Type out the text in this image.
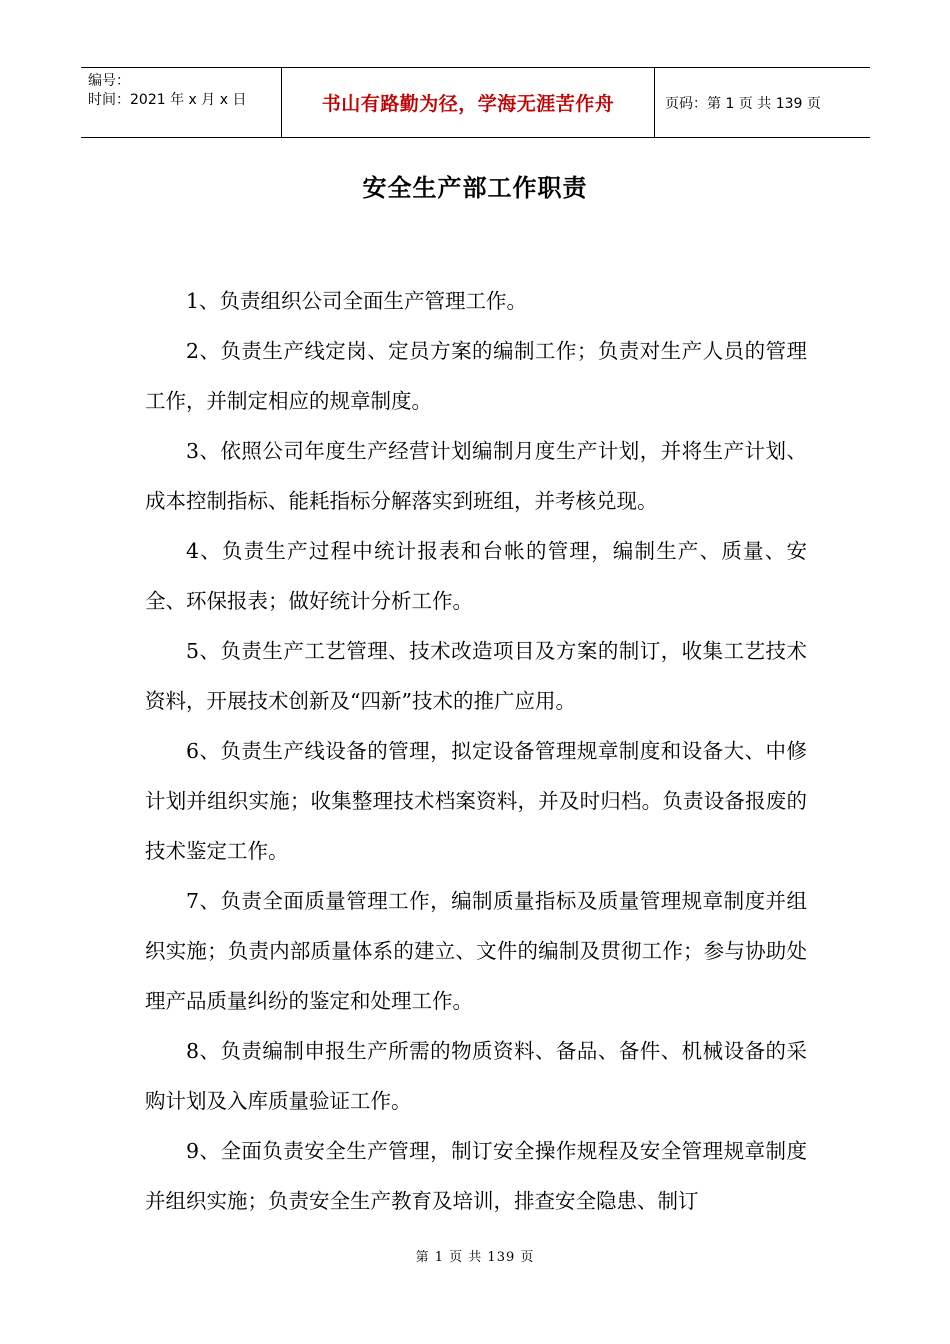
编号：
时间：2021 年 x 月 x 日	书山有路勤为径，学海无涯苦作舟	页码：第 1 页 共 139 页
安全生产部工作职责

1、负责组织公司全面生产管理工作。

2、负责生产线定岗、定员方案的编制工作；负责对生产人员的管理工作，并制定相应的规章制度。

3、依照公司年度生产经营计划编制月度生产计划，并将生产计划、成本控制指标、能耗指标分解落实到班组，并考核兑现。

4、负责生产过程中统计报表和台帐的管理，编制生产、质量、安全、环保报表；做好统计分析工作。

5、负责生产工艺管理、技术改造项目及方案的制订，收集工艺技术资料，开展技术创新及“四新”技术的推广应用。

6、负责生产线设备的管理，拟定设备管理规章制度和设备大、中修计划并组织实施；收集整理技术档案资料，并及时归档。负责设备报废的技术鉴定工作。

7、负责全面质量管理工作，编制质量指标及质量管理规章制度并组织实施；负责内部质量体系的建立、文件的编制及贯彻工作；参与协助处理产品质量纠纷的鉴定和处理工作。

8、负责编制申报生产所需的物质资料、备品、备件、机械设备的采购计划及入库质量验证工作。

9、全面负责安全生产管理，制订安全操作规程及安全管理规章制度并组织实施；负责安全生产教育及培训，排查安全隐患、制订

第 1 页 共 139 页
